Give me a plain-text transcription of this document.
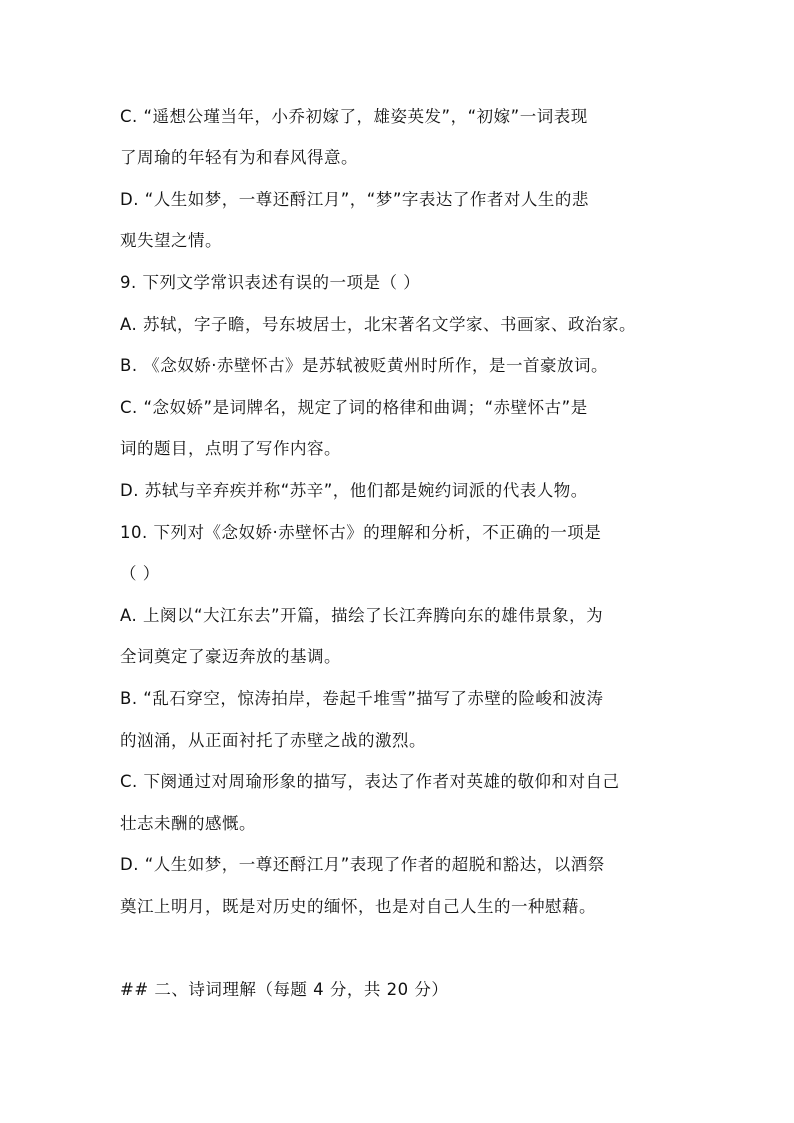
C. “遥想公瑾当年，小乔初嫁了，雄姿英发”，“初嫁”一词表现
了周瑜的年轻有为和春风得意。
D. “人生如梦，一尊还酹江月”，“梦”字表达了作者对人生的悲
观失望之情。
9. 下列文学常识表述有误的一项是（ ）
A. 苏轼，字子瞻，号东坡居士，北宋著名文学家、书画家、政治家。
B. 《念奴娇·赤壁怀古》是苏轼被贬黄州时所作，是一首豪放词。
C. “念奴娇”是词牌名，规定了词的格律和曲调；“赤壁怀古”是
词的题目，点明了写作内容。
D. 苏轼与辛弃疾并称“苏辛”，他们都是婉约词派的代表人物。
10. 下列对《念奴娇·赤壁怀古》的理解和分析，不正确的一项是
（ ）
A. 上阕以“大江东去”开篇，描绘了长江奔腾向东的雄伟景象，为
全词奠定了豪迈奔放的基调。
B. “乱石穿空，惊涛拍岸，卷起千堆雪”描写了赤壁的险峻和波涛
的汹涌，从正面衬托了赤壁之战的激烈。
C. 下阕通过对周瑜形象的描写，表达了作者对英雄的敬仰和对自己
壮志未酬的感慨。
D. “人生如梦，一尊还酹江月”表现了作者的超脱和豁达，以酒祭
奠江上明月，既是对历史的缅怀，也是对自己人生的一种慰藉。
## 二、诗词理解（每题 4 分，共 20 分）
